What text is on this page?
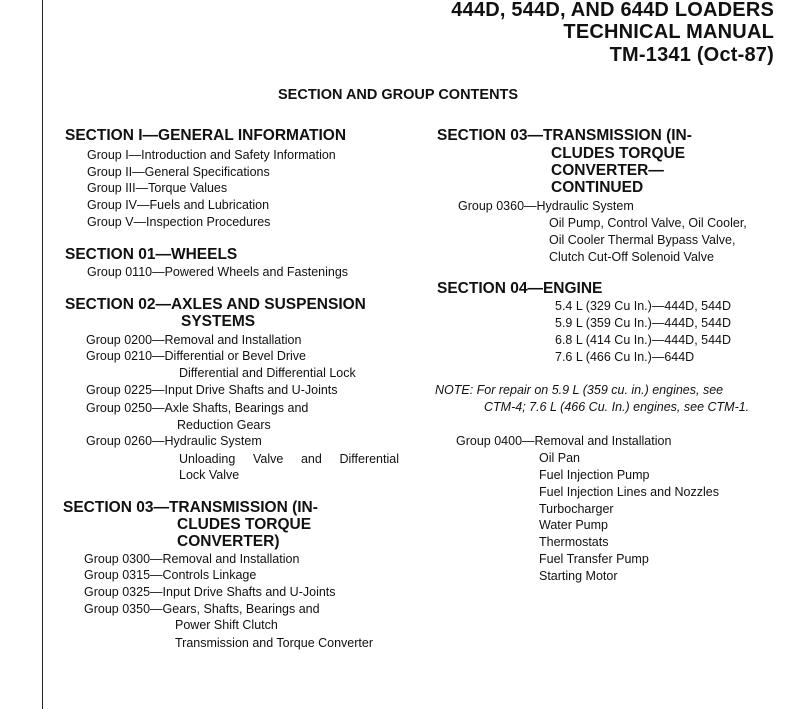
444D, 544D, AND 644D LOADERS
TECHNICAL MANUAL
TM-1341 (Oct-87)
SECTION AND GROUP CONTENTS
SECTION I—GENERAL INFORMATION
Group I—Introduction and Safety Information
Group II—General Specifications
Group III—Torque Values
Group IV—Fuels and Lubrication
Group V—Inspection Procedures
SECTION 01—WHEELS
Group 0110—Powered Wheels and Fastenings
SECTION 02—AXLES AND SUSPENSION
SYSTEMS
Group 0200—Removal and Installation
Group 0210—Differential or Bevel Drive
Differential and Differential Lock
Group 0225—Input Drive Shafts and U-Joints
Group 0250—Axle Shafts, Bearings and
Reduction Gears
Group 0260—Hydraulic System
Unloading Valve and Differential
Lock Valve
SECTION 03—TRANSMISSION (IN-
CLUDES TORQUE
CONVERTER)
Group 0300—Removal and Installation
Group 0315—Controls Linkage
Group 0325—Input Drive Shafts and U-Joints
Group 0350—Gears, Shafts, Bearings and
Power Shift Clutch
Transmission and Torque Converter
SECTION 03—TRANSMISSION (IN-
CLUDES TORQUE
CONVERTER—
CONTINUED
Group 0360—Hydraulic System
Oil Pump, Control Valve, Oil Cooler,
Oil Cooler Thermal Bypass Valve,
Clutch Cut-Off Solenoid Valve
SECTION 04—ENGINE
5.4 L (329 Cu In.)—444D, 544D
5.9 L (359 Cu In.)—444D, 544D
6.8 L (414 Cu In.)—444D, 544D
7.6 L (466 Cu In.)—644D
NOTE: For repair on 5.9 L (359 cu. in.) engines, see
CTM-4; 7.6 L (466 Cu. In.) engines, see CTM-1.
Group 0400—Removal and Installation
Oil Pan
Fuel Injection Pump
Fuel Injection Lines and Nozzles
Turbocharger
Water Pump
Thermostats
Fuel Transfer Pump
Starting Motor
